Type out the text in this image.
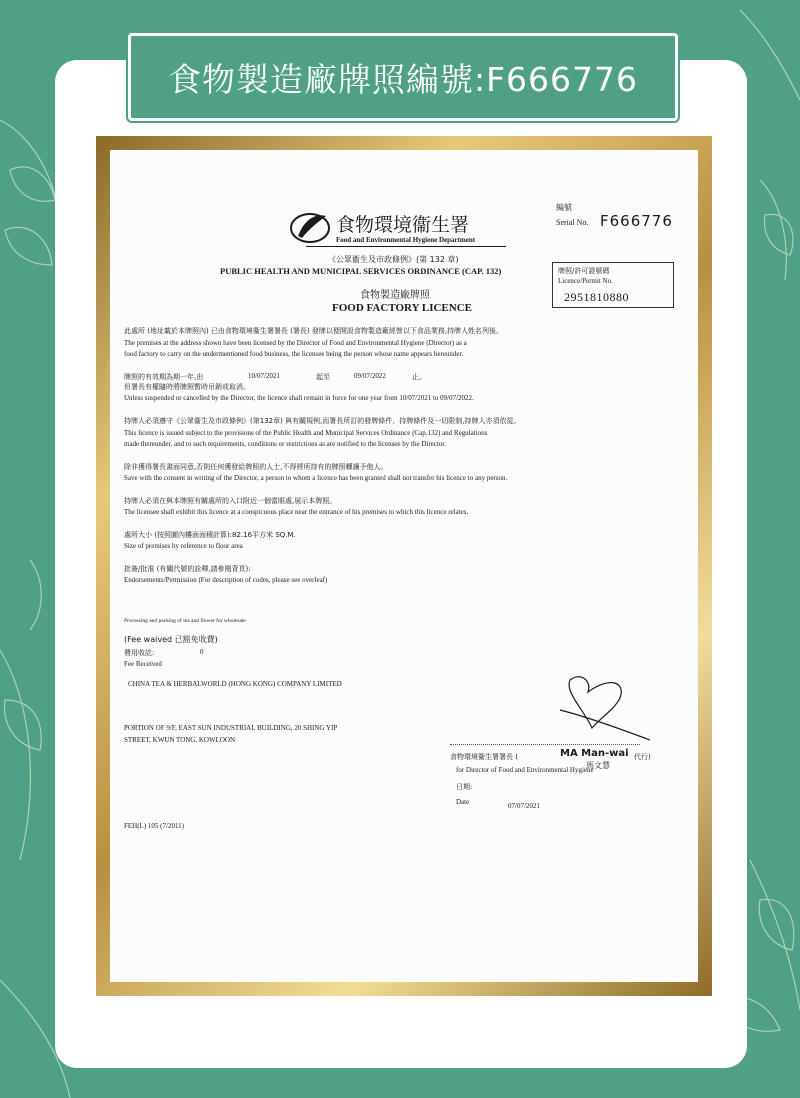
食物製造廠牌照編號:F666776
食物環境衞生署
Food and Environmental Hygiene Department
編號
Serial No. F666776
《公眾衞生及市政條例》(第 132 章)
PUBLIC HEALTH AND MUNICIPAL SERVICES ORDINANCE (CAP. 132)	牌照/許可證號碼
Licence/Permit No.
2951810880
食物製造廠牌照
FOOD FACTORY LICENCE
此處所 (地址載於本牌照內) 已由食物環境衞生署署長 (署長) 發牌以便開設食物製造廠經營以下食品業務,持牌人姓名列後。
The premises at the address shown have been licensed by the Director of Food and Environmental Hygiene (Director) as a
food factory to carry on the undermentioned food business, the licensee being the person whose name appears hereunder.
牌照的有效期為期一年,由	10/07/2021	起至	09/07/2022	止。
但署長有權隨時將牌照暫時吊銷或取消。
Unless suspended or cancelled by the Director, the licence shall remain in force for one year from 10/07/2021 to 09/07/2022.
持牌人必須遵守《公眾衞生及市政條例》(第132章) 與有關規例,而署長所訂的發牌條件、持牌條件及一切限制,持牌人亦須依從。
This licence is issued subject to the provisions of the Public Health and Municipal Services Ordinance (Cap.132) and Regulations
made thereunder, and to such requirements, conditions or restrictions as are notified to the licensee by the Director.
除非獲得署長書面同意,否則任何獲發給牌照的人士,不得將所持有的牌照轉讓予他人。
Save with the consent in writing of the Director, a person to whom a licence has been granted shall not transfer his licence to any person.
持牌人必須在與本牌照有關處所的入口附近一個當眼處,展示本牌照。
The licensee shall exhibit this licence at a conspicuous place near the entrance of his premises to which this licence relates.
處所大小 (按照圖內樓面面積計算):82.16平方米 SQ.M.
Size of premises by reference to floor area
批簽/批准 (有關代號的詮釋,請參閱背頁):
Endorsements/Permission (For description of codes, please see overleaf)
Processing and packing of tea and flower for wholesale
(Fee waived 已豁免收費)
費用收訖:	0
Fee Received
CHINA TEA & HERBALWORLD (HONG KONG) COMPANY LIMITED
PORTION OF 9/F, EAST SUN INDUSTRIAL BUILDING, 20 SHING YIP
STREET, KWUN TONG, KOWLOON
食物環境衞生署署長 (	MA Man-wai 代行)
馬文慧
for Director of Food and Environmental Hygiene
日期:
Date	07/07/2021
FEH(L) 105 (7/2011)
